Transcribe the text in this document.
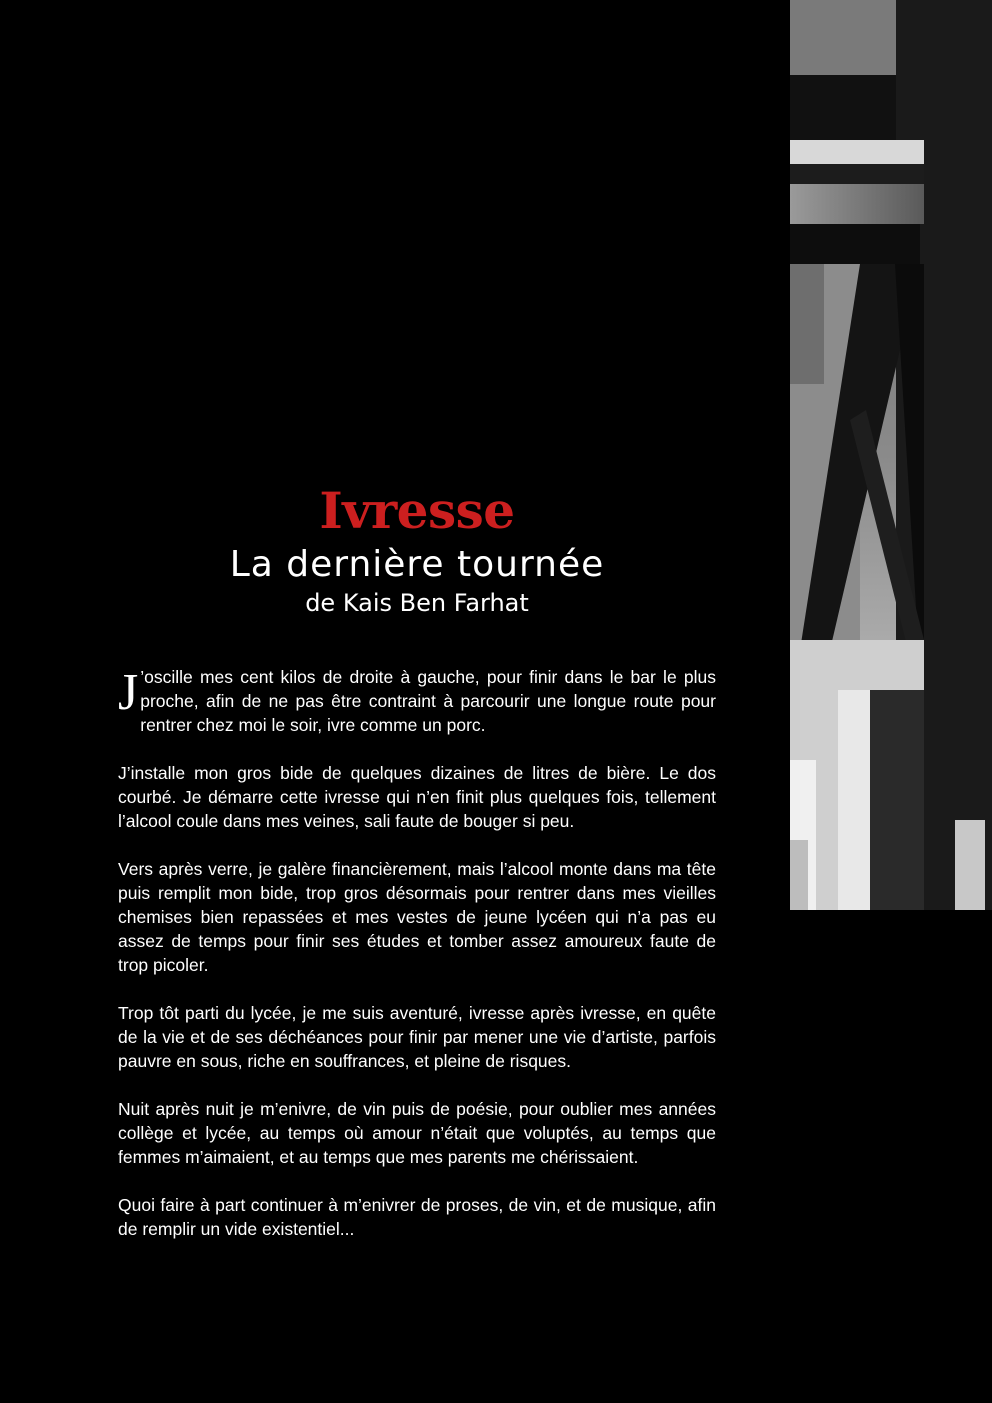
Ivresse
La dernière tournée
de Kais Ben Farhat

J ’oscille mes cent kilos de droite à gauche, pour finir dans le bar le plus proche, afin de ne pas être contraint à parcourir une longue route pour rentrer chez moi le soir, ivre comme un porc.

J’installe mon gros bide de quelques dizaines de litres de bière. Le dos courbé. Je démarre cette ivresse qui n’en finit plus quelques fois, tellement l’alcool coule dans mes veines, sali faute de bouger si peu.

Vers après verre, je galère financièrement, mais l’alcool monte dans ma tête puis remplit mon bide, trop gros désormais pour rentrer dans mes vieilles chemises bien repassées et mes vestes de jeune lycéen qui n’a pas eu assez de temps pour finir ses études et tomber assez amoureux faute de trop picoler.

Trop tôt parti du lycée, je me suis aventuré, ivresse après ivresse, en quête de la vie et de ses déchéances pour finir par mener une vie d’artiste, parfois pauvre en sous, riche en souffrances, et pleine de risques.

Nuit après nuit je m’enivre, de vin puis de poésie, pour oublier mes années collège et lycée, au temps où amour n’était que voluptés, au temps que femmes m’aimaient, et au temps que mes parents me chérissaient.

Quoi faire à part continuer à m’enivrer de proses, de vin, et de musique, afin de remplir un vide existentiel...
